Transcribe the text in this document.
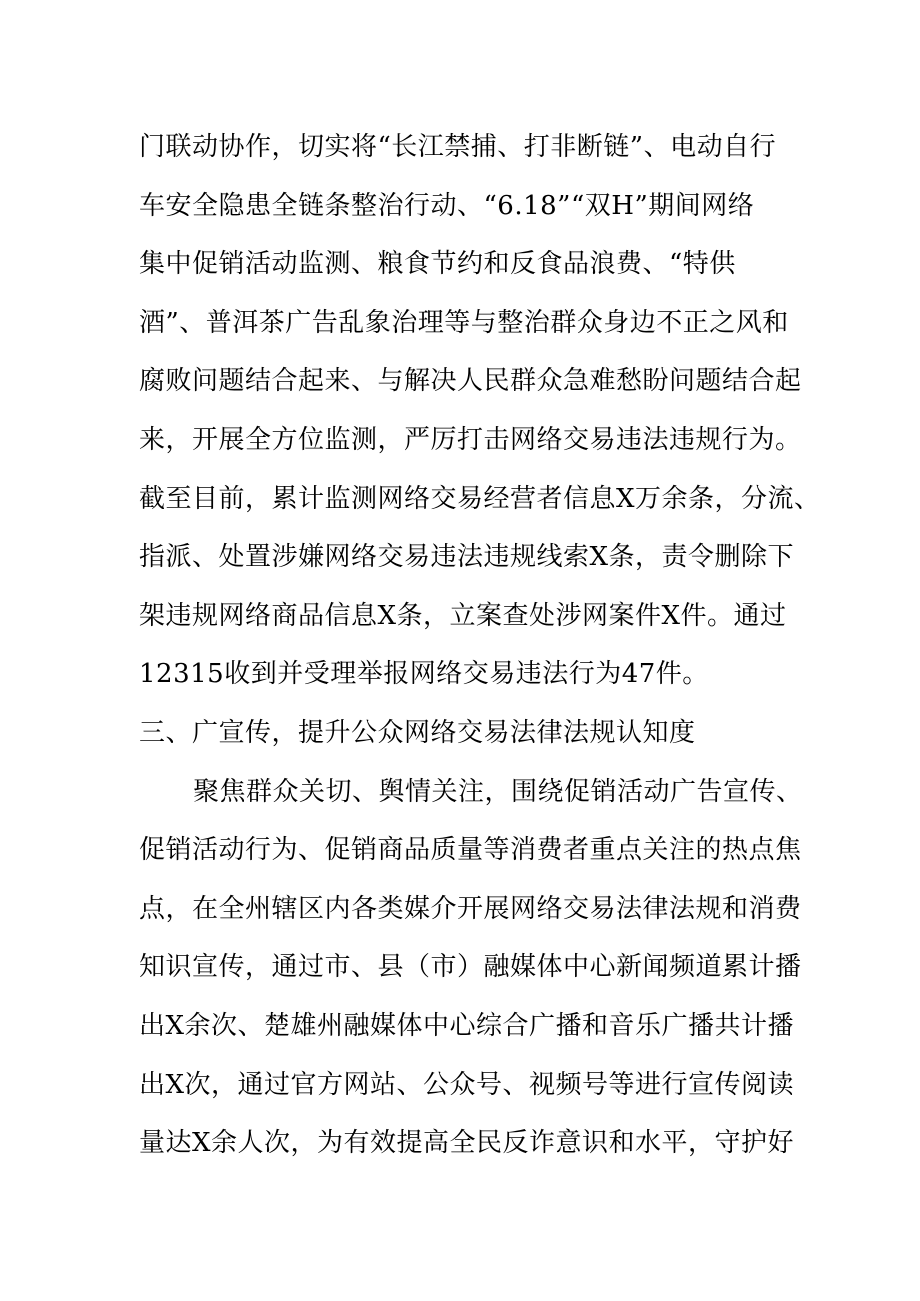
门联动协作，切实将“长江禁捕、打非断链”、电动自行
车安全隐患全链条整治行动、“6.18”“双H”期间网络
集中促销活动监测、粮食节约和反食品浪费、“特供
酒”、普洱茶广告乱象治理等与整治群众身边不正之风和
腐败问题结合起来、与解决人民群众急难愁盼问题结合起
来，开展全方位监测，严厉打击网络交易违法违规行为。
截至目前，累计监测网络交易经营者信息X万余条，分流、
指派、处置涉嫌网络交易违法违规线索X条，责令删除下
架违规网络商品信息X条，立案查处涉网案件X件。通过
12315收到并受理举报网络交易违法行为47件。
三、广宣传，提升公众网络交易法律法规认知度
聚焦群众关切、舆情关注，围绕促销活动广告宣传、
促销活动行为、促销商品质量等消费者重点关注的热点焦
点，在全州辖区内各类媒介开展网络交易法律法规和消费
知识宣传，通过市、县（市）融媒体中心新闻频道累计播
出X余次、楚雄州融媒体中心综合广播和音乐广播共计播
出X次，通过官方网站、公众号、视频号等进行宣传阅读
量达X余人次，为有效提高全民反诈意识和水平，守护好
